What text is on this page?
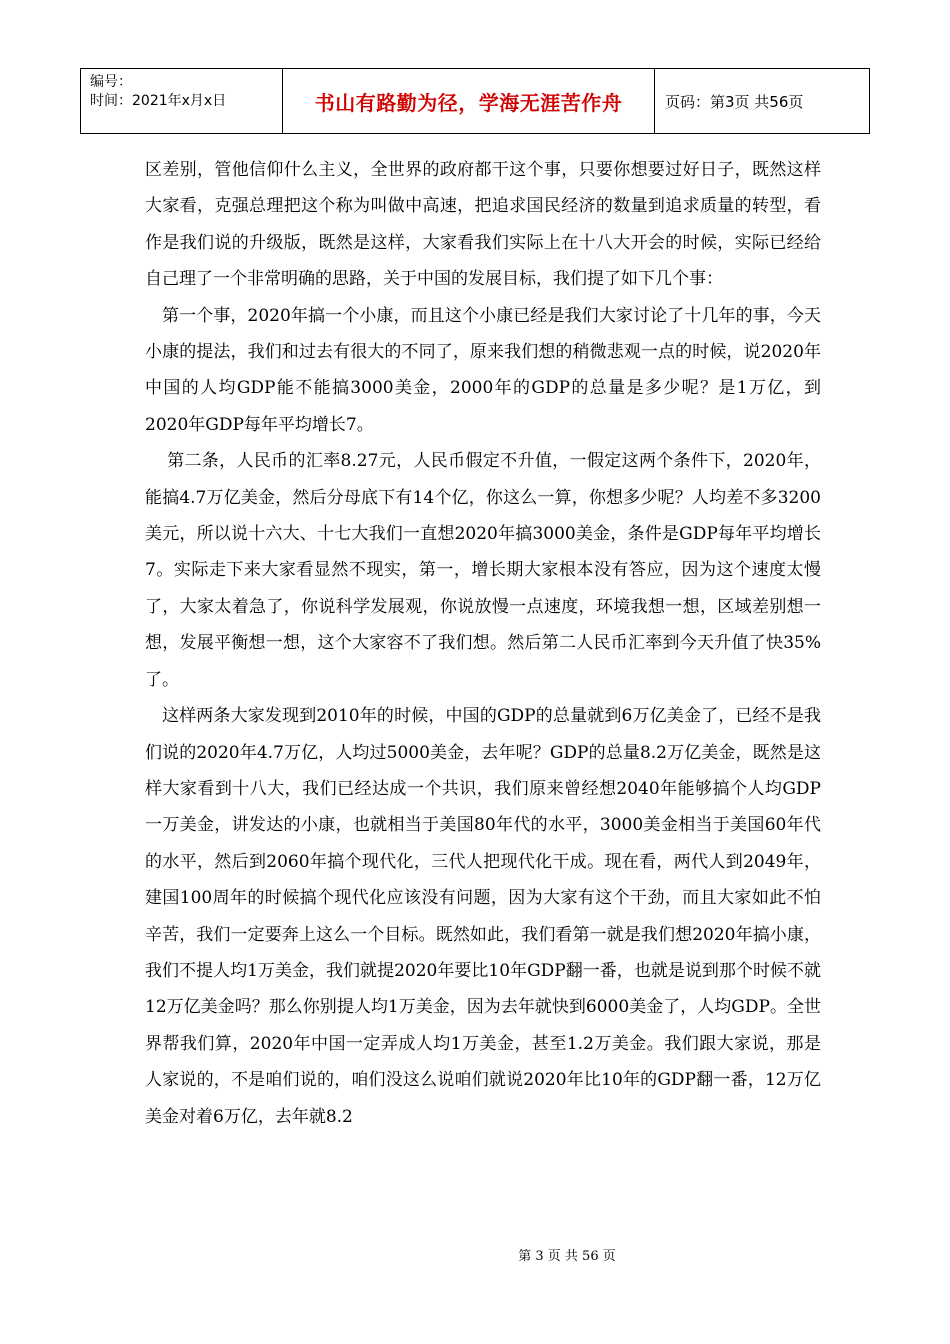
编号：
时间：2021年x月x日	书山有路勤为径，学海无涯苦作舟	页码：第3页 共56页

区差别，管他信仰什么主义，全世界的政府都干这个事，只要你想要过好日子，既然这样大家看，克强总理把这个称为叫做中高速，把追求国民经济的数量到追求质量的转型，看作是我们说的升级版，既然是这样，大家看我们实际上在十八大开会的时候，实际已经给自己理了一个非常明确的思路，关于中国的发展目标，我们提了如下几个事：

第一个事，2020年搞一个小康，而且这个小康已经是我们大家讨论了十几年的事，今天小康的提法，我们和过去有很大的不同了，原来我们想的稍微悲观一点的时候，说2020年中国的人均GDP能不能搞3000美金，2000年的GDP的总量是多少呢？是1万亿，到2020年GDP每年平均增长7。

第二条，人民币的汇率8.27元，人民币假定不升值，一假定这两个条件下，2020年，能搞4.7万亿美金，然后分母底下有14个亿，你这么一算，你想多少呢？人均差不多3200美元，所以说十六大、十七大我们一直想2020年搞3000美金，条件是GDP每年平均增长7。实际走下来大家看显然不现实，第一，增长期大家根本没有答应，因为这个速度太慢了，大家太着急了，你说科学发展观，你说放慢一点速度，环境我想一想，区域差别想一想，发展平衡想一想，这个大家容不了我们想。然后第二人民币汇率到今天升值了快35%了。

这样两条大家发现到2010年的时候，中国的GDP的总量就到6万亿美金了，已经不是我们说的2020年4.7万亿，人均过5000美金，去年呢？GDP的总量8.2万亿美金，既然是这样大家看到十八大，我们已经达成一个共识，我们原来曾经想2040年能够搞个人均GDP一万美金，讲发达的小康，也就相当于美国80年代的水平，3000美金相当于美国60年代的水平，然后到2060年搞个现代化，三代人把现代化干成。现在看，两代人到2049年，建国100周年的时候搞个现代化应该没有问题，因为大家有这个干劲，而且大家如此不怕辛苦，我们一定要奔上这么一个目标。既然如此，我们看第一就是我们想2020年搞小康，我们不提人均1万美金，我们就提2020年要比10年GDP翻一番，也就是说到那个时候不就12万亿美金吗？那么你别提人均1万美金，因为去年就快到6000美金了，人均GDP。全世界帮我们算，2020年中国一定弄成人均1万美金，甚至1.2万美金。我们跟大家说，那是人家说的，不是咱们说的，咱们没这么说咱们就说2020年比10年的GDP翻一番，12万亿美金对着6万亿，去年就8.2

第 3 页 共 56 页
